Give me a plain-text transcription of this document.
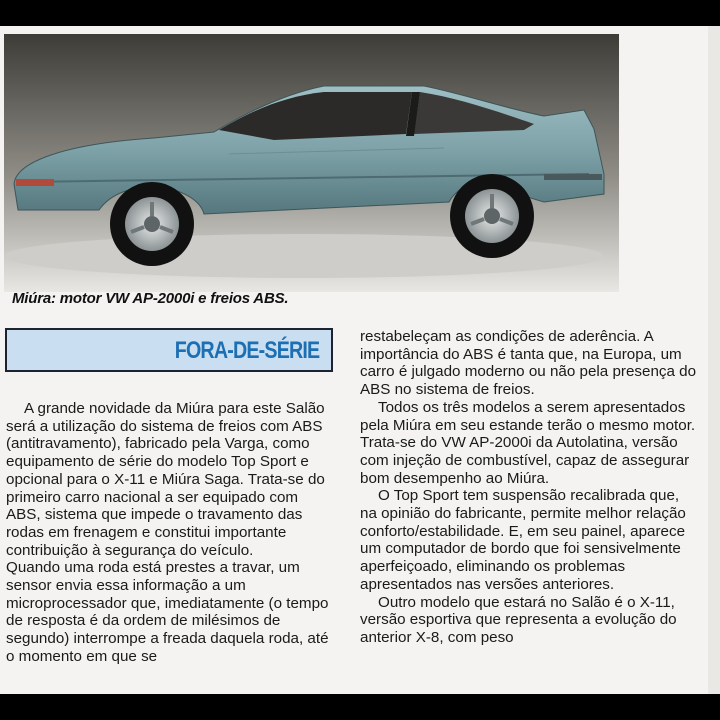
Miúra: motor VW AP-2000i e freios ABS.
FORA-DE-SÉRIE

A grande novidade da Miúra para este Salão será a utilização do sistema de freios com ABS (antitravamento), fabricado pela Varga, como equipamento de série do modelo Top Sport e opcional para o X-11 e Miúra Saga. Trata-se do primeiro carro nacional a ser equipado com ABS, sistema que impede o travamento das rodas em frenagem e constitui importante contribuição à segurança do veículo.

Quando uma roda está prestes a travar, um sensor envia essa informação a um microprocessador que, imediatamente (o tempo de resposta é da ordem de milésimos de segundo) interrompe a freada daquela roda, até o momento em que se

restabeleçam as condições de aderência. A importância do ABS é tanta que, na Europa, um carro é julgado moderno ou não pela presença do ABS no sistema de freios.

Todos os três modelos a serem apresentados pela Miúra em seu estande terão o mesmo motor. Trata-se do VW AP-2000i da Autolatina, versão com injeção de combustível, capaz de assegurar bom desempenho ao Miúra.

O Top Sport tem suspensão recalibrada que, na opinião do fabricante, permite melhor relação conforto/estabilidade. E, em seu painel, aparece um computador de bordo que foi sensivelmente aperfeiçoado, eliminando os problemas apresentados nas versões anteriores.

Outro modelo que estará no Salão é o X-11, versão esportiva que representa a evolução do anterior X-8, com peso
